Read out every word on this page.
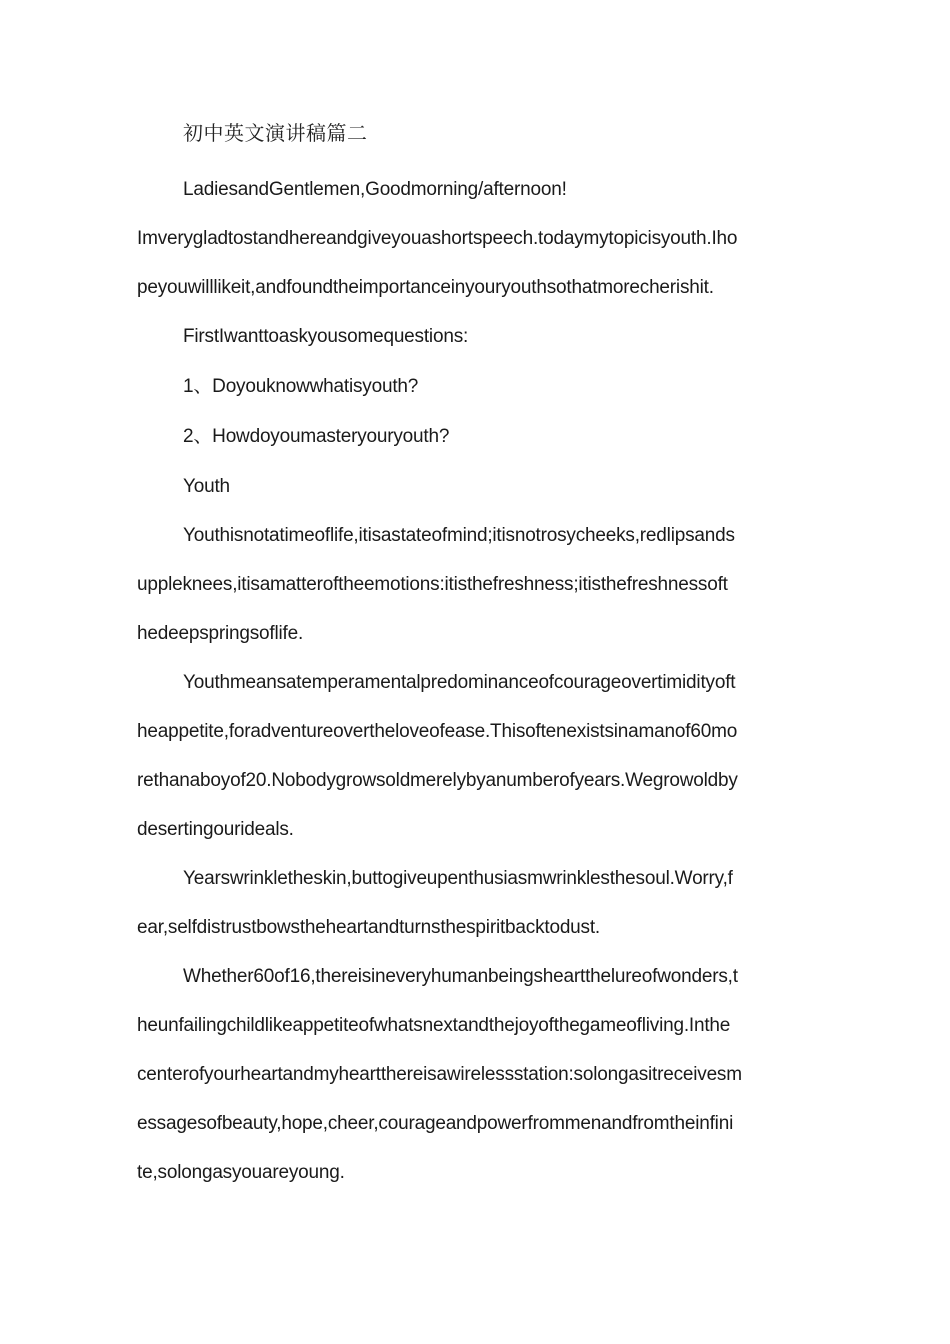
初中英文演讲稿篇二
LadiesandGentlemen,Goodmorning/afternoon!
Imverygladtostandhereandgiveyouashortspeech.todaymytopicisyouth.Iho
peyouwilllikeit,andfoundtheimportanceinyouryouthsothatmorecherishit.
FirstIwanttoaskyousomequestions:
1、Doyouknowwhatisyouth?
2、Howdoyoumasteryouryouth?
Youth
Youthisnotatimeoflife,itisastateofmind;itisnotrosycheeks,redlipsands
uppleknees,itisamatteroftheemotions:itisthefreshness;itisthefreshnessoft
hedeepspringsoflife.
Youthmeansatemperamentalpredominanceofcourageovertimidityoft
heappetite,foradventureovertheloveofease.Thisoftenexistsinamanof60mo
rethanaboyof20.Nobodygrowsoldmerelybyanumberofyears.Wegrowoldby
desertingourideals.
Yearswrinkletheskin,buttogiveupenthusiasmwrinklesthesoul.Worry,f
ear,selfdistrustbowstheheartandturnsthespiritbacktodust.
Whether60of16,thereisineveryhumanbeingsheartthelureofwonders,t
heunfailingchildlikeappetiteofwhatsnextandthejoyofthegameofliving.Inthe
centerofyourheartandmyheartthereisawirelessstation:solongasitreceivesm
essagesofbeauty,hope,cheer,courageandpowerfrommenandfromtheinfini
te,solongasyouareyoung.
